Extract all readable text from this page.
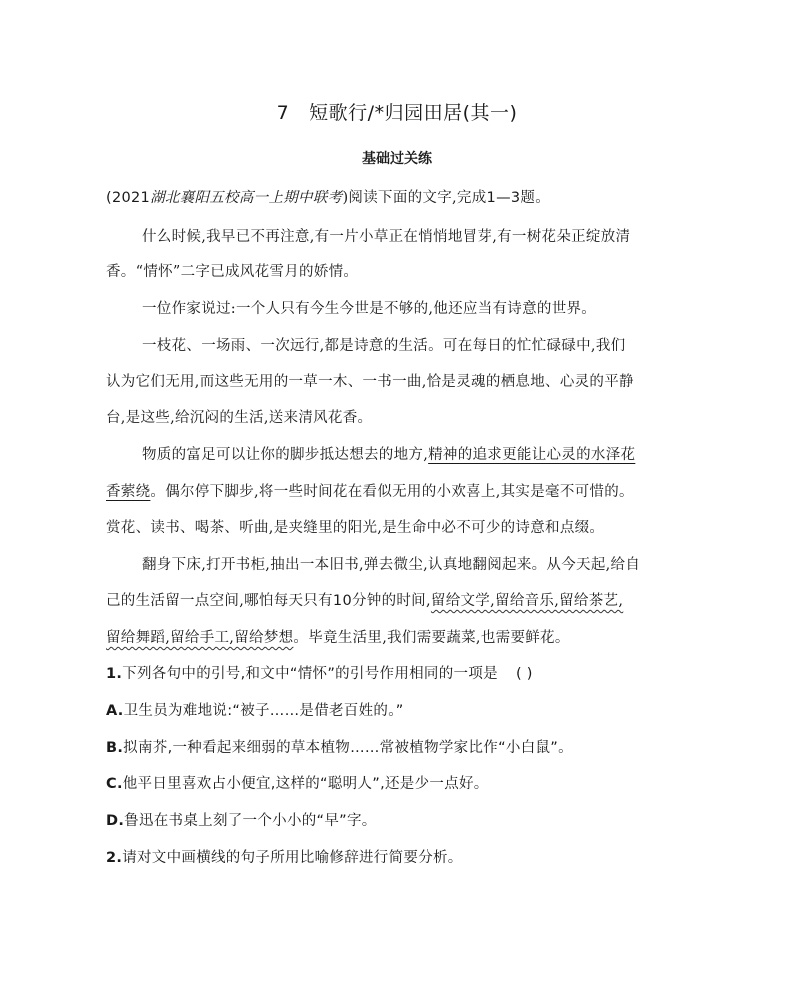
7 短歌行/*归园田居(其一)
基础过关练
(2021湖北襄阳五校高一上期中联考)阅读下面的文字,完成1—3题。
什么时候,我早已不再注意,有一片小草正在悄悄地冒芽,有一树花朵正绽放清
香。“情怀”二字已成风花雪月的娇情。
一位作家说过:一个人只有今生今世是不够的,他还应当有诗意的世界。
一枝花、一场雨、一次远行,都是诗意的生活。可在每日的忙忙碌碌中,我们
认为它们无用,而这些无用的一草一木、一书一曲,恰是灵魂的栖息地、心灵的平静
台,是这些,给沉闷的生活,送来清风花香。
物质的富足可以让你的脚步抵达想去的地方,精神的追求更能让心灵的水泽花
香萦绕。偶尔停下脚步,将一些时间花在看似无用的小欢喜上,其实是毫不可惜的。
赏花、读书、喝茶、听曲,是夹缝里的阳光,是生命中必不可少的诗意和点缀。
翻身下床,打开书柜,抽出一本旧书,弹去微尘,认真地翻阅起来。从今天起,给自
己的生活留一点空间,哪怕每天只有10分钟的时间,留给文学,留给音乐,留给茶艺,
留给舞蹈,留给手工,留给梦想。毕竟生活里,我们需要蔬菜,也需要鲜花。
1.下列各句中的引号,和文中“情怀”的引号作用相同的一项是 ( )
A.卫生员为难地说:“被子……是借老百姓的。”
B.拟南芥,一种看起来细弱的草本植物……常被植物学家比作“小白鼠”。
C.他平日里喜欢占小便宜,这样的“聪明人”,还是少一点好。
D.鲁迅在书桌上刻了一个小小的“早”字。
2.请对文中画横线的句子所用比喻修辞进行简要分析。
